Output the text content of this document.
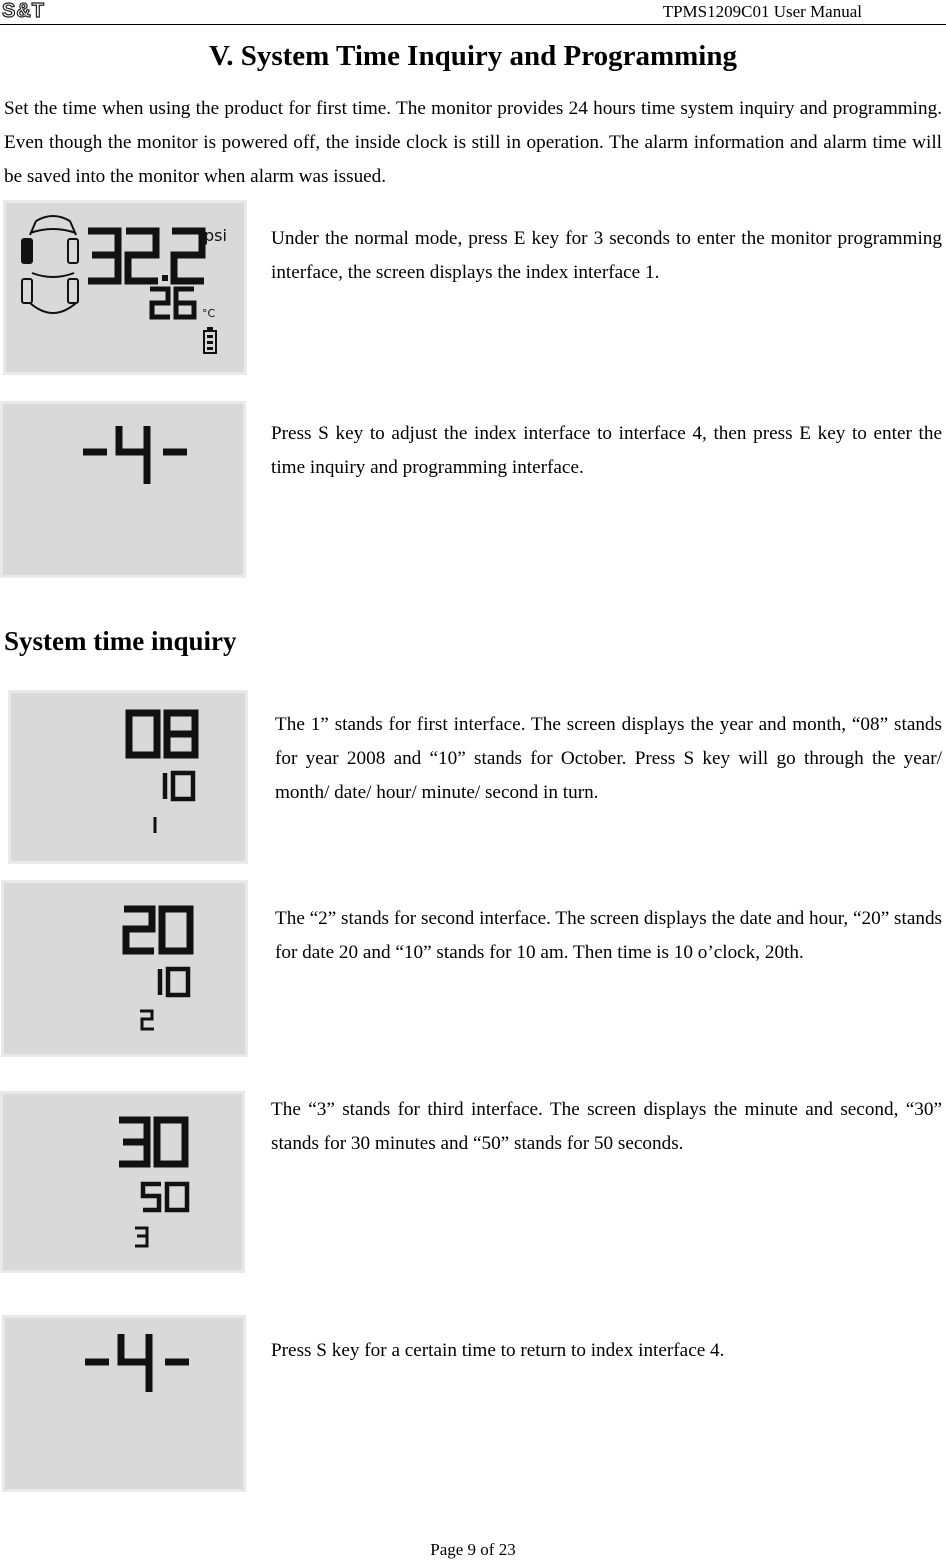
S&T	TPMS1209C01 User Manual
V. System Time Inquiry and Programming
Set the time when using the product for first time. The monitor provides 24 hours time system inquiry and programming. Even though the monitor is powered off, the inside clock is still in operation. The alarm information and alarm time will be saved into the monitor when alarm was issued.
psi
°C
Under the normal mode, press E key for 3 seconds to enter the monitor programming interface, the screen displays the index interface 1.
Press S key to adjust the index interface to interface 4, then press E key to enter the time inquiry and programming interface.
System time inquiry
The 1” stands for first interface. The screen displays the year and month, “08” stands for year 2008 and “10” stands for October. Press S key will go through the year/ month/ date/ hour/ minute/ second in turn.
The “2” stands for second interface. The screen displays the date and hour, “20” stands for date 20 and “10” stands for 10 am. Then time is 10 o’clock, 20th.
The “3” stands for third interface. The screen displays the minute and second, “30” stands for 30 minutes and “50” stands for 50 seconds.
Press S key for a certain time to return to index interface 4.
Page 9 of 23
